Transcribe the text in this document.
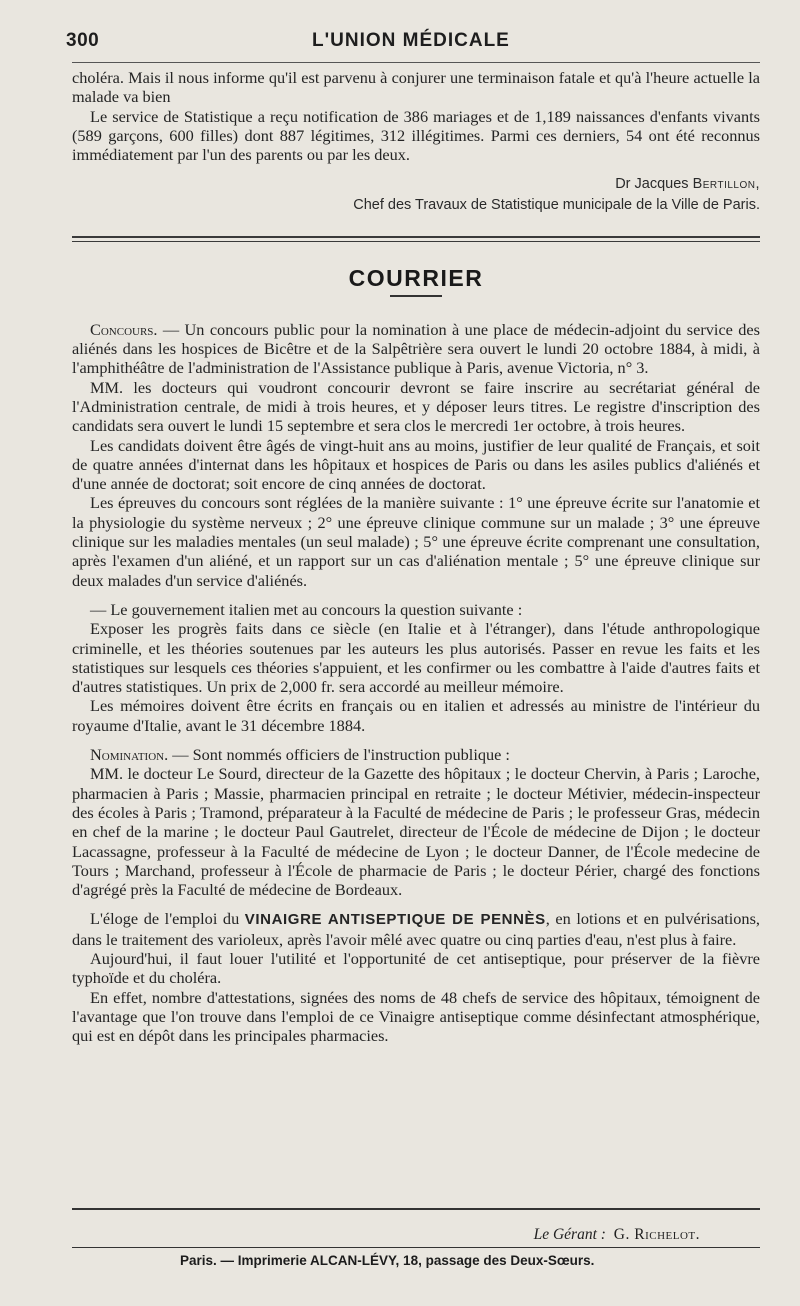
300	L'UNION MÉDICALE

choléra. Mais il nous informe qu'il est parvenu à conjurer une terminaison fatale et qu'à l'heure actuelle la malade va bien

Le service de Statistique a reçu notification de 386 mariages et de 1,189 naissances d'enfants vivants (589 garçons, 600 filles) dont 887 légitimes, 312 illégitimes. Parmi ces derniers, 54 ont été reconnus immédiatement par l'un des parents ou par les deux.

Dr Jacques Bertillon,
Chef des Travaux de Statistique municipale de la Ville de Paris.
COURRIER

Concours. — Un concours public pour la nomination à une place de médecin-adjoint du service des aliénés dans les hospices de Bicêtre et de la Salpêtrière sera ouvert le lundi 20 octobre 1884, à midi, à l'amphithéâtre de l'administration de l'Assistance publique à Paris, avenue Victoria, n° 3.

MM. les docteurs qui voudront concourir devront se faire inscrire au secrétariat général de l'Administration centrale, de midi à trois heures, et y déposer leurs titres. Le registre d'inscription des candidats sera ouvert le lundi 15 septembre et sera clos le mercredi 1er octobre, à trois heures.

Les candidats doivent être âgés de vingt-huit ans au moins, justifier de leur qualité de Français, et soit de quatre années d'internat dans les hôpitaux et hospices de Paris ou dans les asiles publics d'aliénés et d'une année de doctorat; soit encore de cinq années de doctorat.

Les épreuves du concours sont réglées de la manière suivante : 1° une épreuve écrite sur l'anatomie et la physiologie du système nerveux ; 2° une épreuve clinique commune sur un malade ; 3° une épreuve clinique sur les maladies mentales (un seul malade) ; 5° une épreuve écrite comprenant une consultation, après l'examen d'un aliéné, et un rapport sur un cas d'aliénation mentale ; 5° une épreuve clinique sur deux malades d'un service d'aliénés.

— Le gouvernement italien met au concours la question suivante :

Exposer les progrès faits dans ce siècle (en Italie et à l'étranger), dans l'étude anthropologique criminelle, et les théories soutenues par les auteurs les plus autorisés. Passer en revue les faits et les statistiques sur lesquels ces théories s'appuient, et les confirmer ou les combattre à l'aide d'autres faits et d'autres statistiques. Un prix de 2,000 fr. sera accordé au meilleur mémoire.

Les mémoires doivent être écrits en français ou en italien et adressés au ministre de l'intérieur du royaume d'Italie, avant le 31 décembre 1884.

Nomination. — Sont nommés officiers de l'instruction publique :

MM. le docteur Le Sourd, directeur de la Gazette des hôpitaux ; le docteur Chervin, à Paris ; Laroche, pharmacien à Paris ; Massie, pharmacien principal en retraite ; le docteur Métivier, médecin-inspecteur des écoles à Paris ; Tramond, préparateur à la Faculté de médecine de Paris ; le professeur Gras, médecin en chef de la marine ; le docteur Paul Gautrelet, directeur de l'École de médecine de Dijon ; le docteur Lacassagne, professeur à la Faculté de médecine de Lyon ; le docteur Danner, de l'École medecine de Tours ; Marchand, professeur à l'École de pharmacie de Paris ; le docteur Périer, chargé des fonctions d'agrégé près la Faculté de médecine de Bordeaux.

L'éloge de l'emploi du VINAIGRE ANTISEPTIQUE DE PENNÈS, en lotions et en pulvérisations, dans le traitement des varioleux, après l'avoir mêlé avec quatre ou cinq parties d'eau, n'est plus à faire.

Aujourd'hui, il faut louer l'utilité et l'opportunité de cet antiseptique, pour préserver de la fièvre typhoïde et du choléra.

En effet, nombre d'attestations, signées des noms de 48 chefs de service des hôpitaux, témoignent de l'avantage que l'on trouve dans l'emploi de ce Vinaigre antiseptique comme désinfectant atmosphérique, qui est en dépôt dans les principales pharmacies.

Le Gérant : G. Richelot.
Paris. — Imprimerie ALCAN-LÉVY, 18, passage des Deux-Sœurs.
